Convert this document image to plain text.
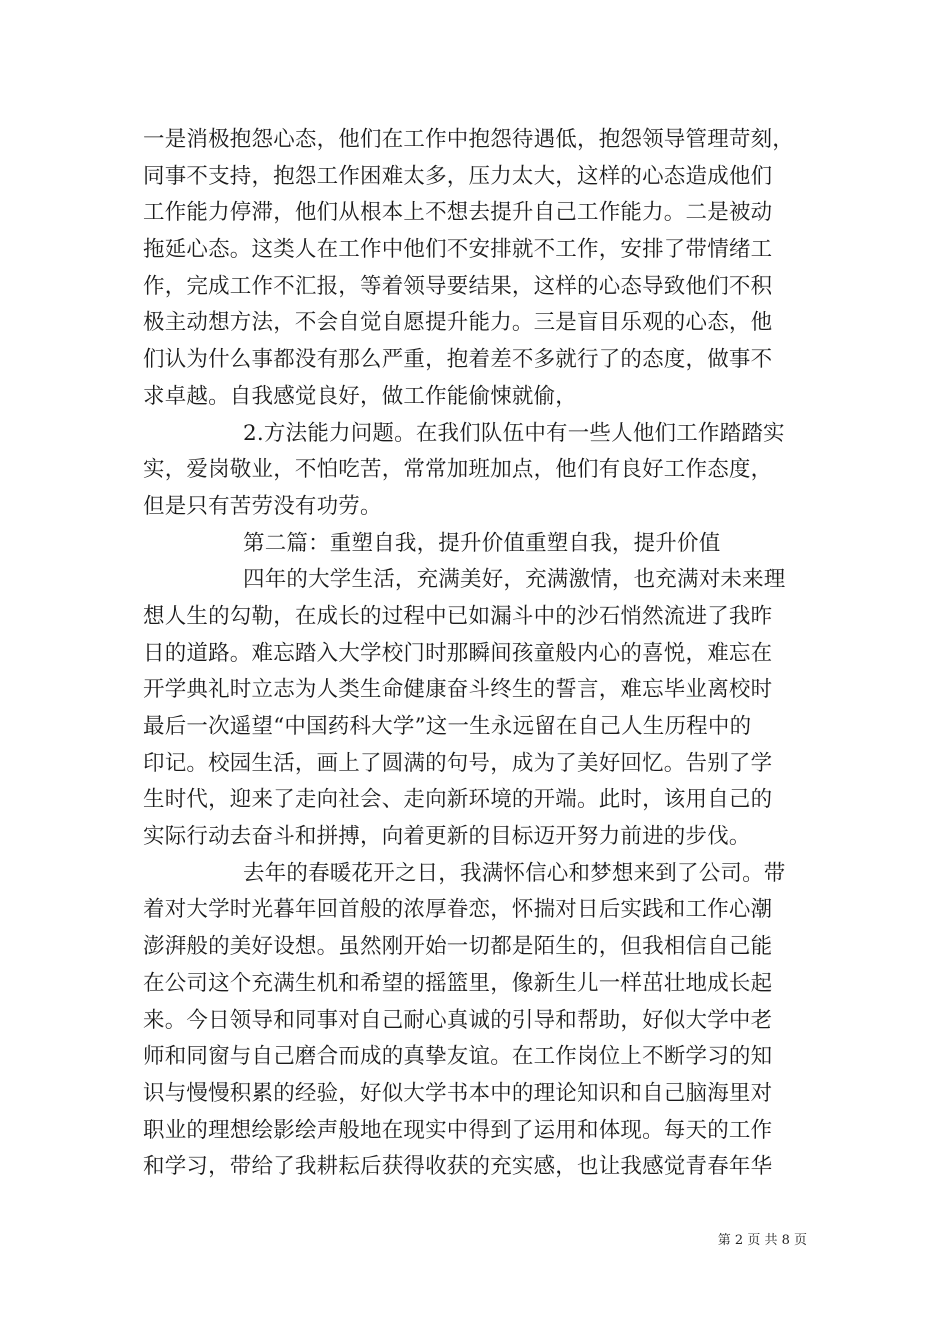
一是消极抱怨心态，他们在工作中抱怨待遇低，抱怨领导管理苛刻，
同事不支持，抱怨工作困难太多，压力太大，这样的心态造成他们
工作能力停滞，他们从根本上不想去提升自己工作能力。二是被动
拖延心态。这类人在工作中他们不安排就不工作，安排了带情绪工
作，完成工作不汇报，等着领导要结果，这样的心态导致他们不积
极主动想方法，不会自觉自愿提升能力。三是盲目乐观的心态，他
们认为什么事都没有那么严重，抱着差不多就行了的态度，做事不
求卓越。自我感觉良好，做工作能偷悚就偷，
2.方法能力问题。在我们队伍中有一些人他们工作踏踏实
实，爱岗敬业，不怕吃苦，常常加班加点，他们有良好工作态度，
但是只有苦劳没有功劳。
第二篇：重塑自我，提升价值重塑自我，提升价值
四年的大学生活，充满美好，充满激情，也充满对未来理
想人生的勾勒，在成长的过程中已如漏斗中的沙石悄然流进了我昨
日的道路。难忘踏入大学校门时那瞬间孩童般内心的喜悦，难忘在
开学典礼时立志为人类生命健康奋斗终生的誓言，难忘毕业离校时
最后一次遥望“中国药科大学”这一生永远留在自己人生历程中的
印记。校园生活，画上了圆满的句号，成为了美好回忆。告别了学
生时代，迎来了走向社会、走向新环境的开端。此时，该用自己的
实际行动去奋斗和拼搏，向着更新的目标迈开努力前进的步伐。
去年的春暖花开之日，我满怀信心和梦想来到了公司。带
着对大学时光暮年回首般的浓厚眷恋，怀揣对日后实践和工作心潮
澎湃般的美好设想。虽然刚开始一切都是陌生的，但我相信自己能
在公司这个充满生机和希望的摇篮里，像新生儿一样茁壮地成长起
来。今日领导和同事对自己耐心真诚的引导和帮助，好似大学中老
师和同窗与自己磨合而成的真挚友谊。在工作岗位上不断学习的知
识与慢慢积累的经验，好似大学书本中的理论知识和自己脑海里对
职业的理想绘影绘声般地在现实中得到了运用和体现。每天的工作
和学习，带给了我耕耘后获得收获的充实感，也让我感觉青春年华
第 2 页 共 8 页
